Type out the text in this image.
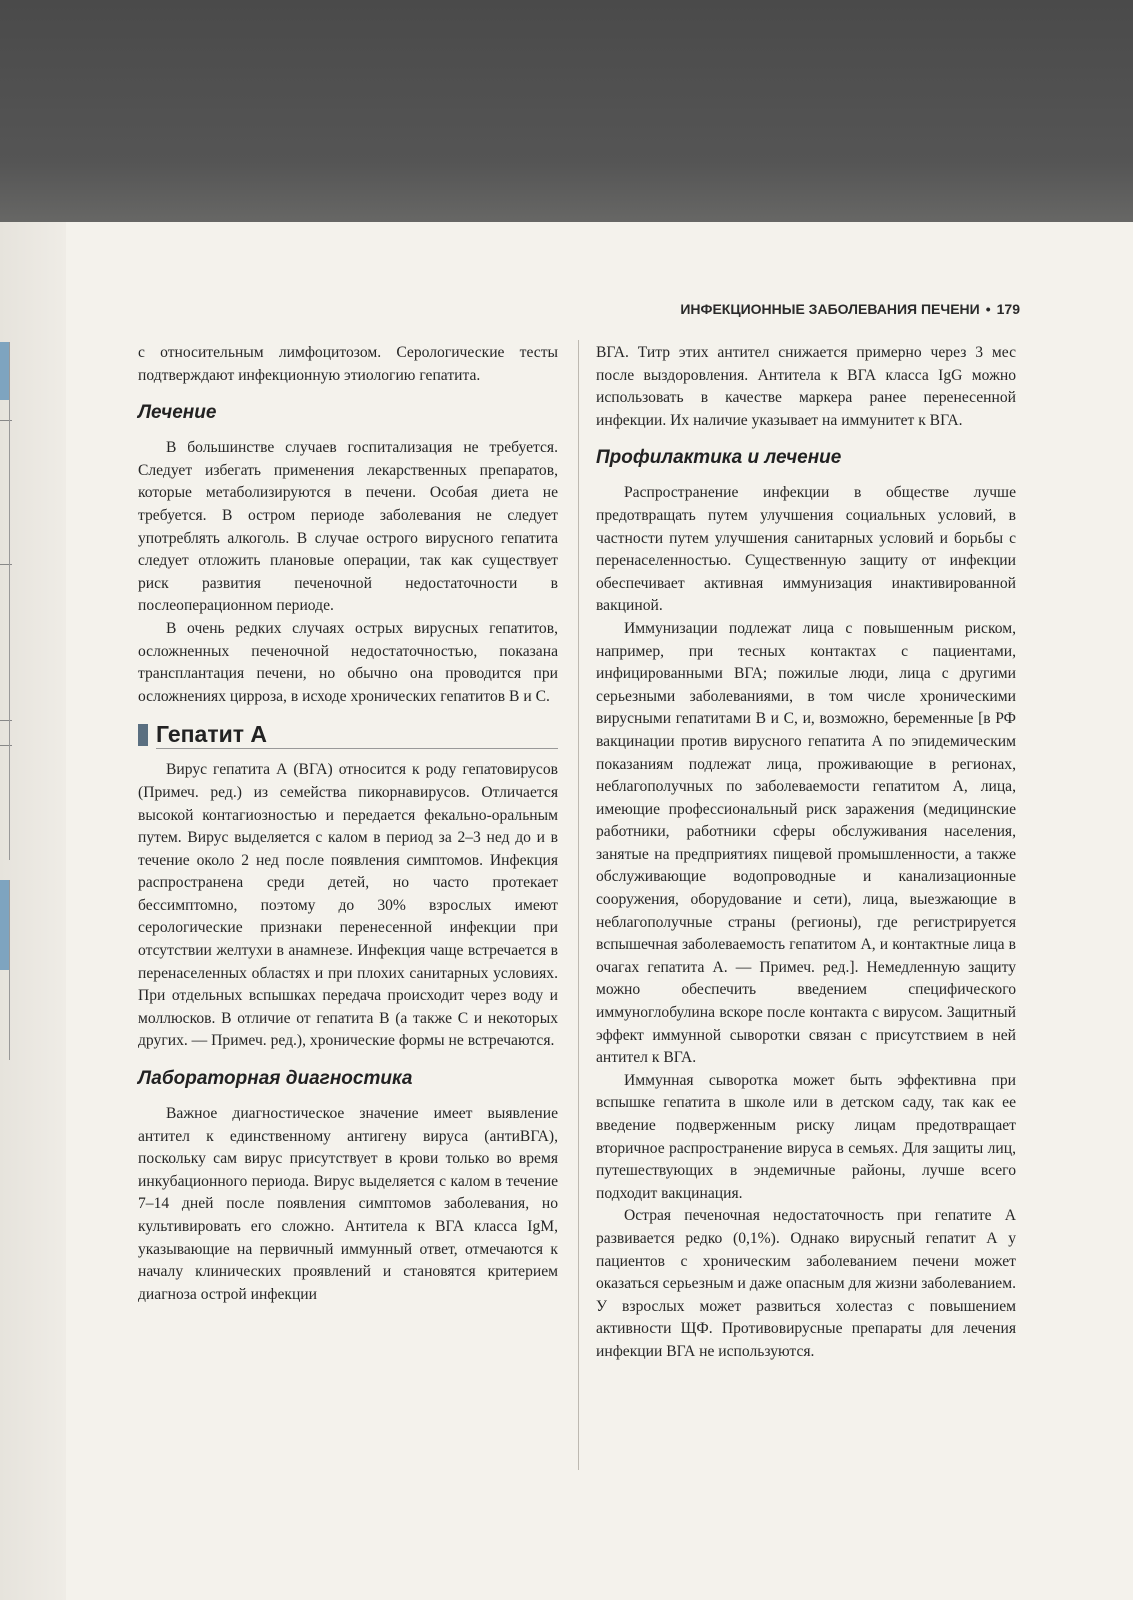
ИНФЕКЦИОННЫЕ ЗАБОЛЕВАНИЯ ПЕЧЕНИ • 179

с относительным лимфоцитозом. Серологические тесты подтверждают инфекционную этиологию гепатита.

Лечение

В большинстве случаев госпитализация не требуется. Следует избегать применения лекарственных препаратов, которые метаболизируются в печени. Особая диета не требуется. В остром периоде заболевания не следует употреблять алкоголь. В случае острого вирусного гепатита следует отложить плановые операции, так как существует риск развития печеночной недостаточности в послеоперационном периоде.

В очень редких случаях острых вирусных гепатитов, осложненных печеночной недостаточностью, показана трансплантация печени, но обычно она проводится при осложнениях цирроза, в исходе хронических гепатитов В и С.

Гепатит А

Вирус гепатита А (ВГА) относится к роду гепатовирусов (Примеч. ред.) из семейства пикорнавирусов. Отличается высокой контагиозностью и передается фекально-оральным путем. Вирус выделяется с калом в период за 2–3 нед до и в течение около 2 нед после появления симптомов. Инфекция распространена среди детей, но часто протекает бессимптомно, поэтому до 30% взрослых имеют серологические признаки перенесенной инфекции при отсутствии желтухи в анамнезе. Инфекция чаще встречается в перенаселенных областях и при плохих санитарных условиях. При отдельных вспышках передача происходит через воду и моллюсков. В отличие от гепатита В (а также С и некоторых других. — Примеч. ред.), хронические формы не встречаются.

Лабораторная диагностика

Важное диагностическое значение имеет выявление антител к единственному антигену вируса (антиВГА), поскольку сам вирус присутствует в крови только во время инкубационного периода. Вирус выделяется с калом в течение 7–14 дней после появления симптомов заболевания, но культивировать его сложно. Антитела к ВГА класса IgM, указывающие на первичный иммунный ответ, отмечаются к началу клинических проявлений и становятся критерием диагноза острой инфекции

ВГА. Титр этих антител снижается примерно через 3 мес после выздоровления. Антитела к ВГА класса IgG можно использовать в качестве маркера ранее перенесенной инфекции. Их наличие указывает на иммунитет к ВГА.

Профилактика и лечение

Распространение инфекции в обществе лучше предотвращать путем улучшения социальных условий, в частности путем улучшения санитарных условий и борьбы с перенаселенностью. Существенную защиту от инфекции обеспечивает активная иммунизация инактивированной вакциной.

Иммунизации подлежат лица с повышенным риском, например, при тесных контактах с пациентами, инфицированными ВГА; пожилые люди, лица с другими серьезными заболеваниями, в том числе хроническими вирусными гепатитами В и С, и, возможно, беременные [в РФ вакцинации против вирусного гепатита А по эпидемическим показаниям подлежат лица, проживающие в регионах, неблагополучных по заболеваемости гепатитом А, лица, имеющие профессиональный риск заражения (медицинские работники, работники сферы обслуживания населения, занятые на предприятиях пищевой промышленности, а также обслуживающие водопроводные и канализационные сооружения, оборудование и сети), лица, выезжающие в неблагополучные страны (регионы), где регистрируется вспышечная заболеваемость гепатитом А, и контактные лица в очагах гепатита А. — Примеч. ред.]. Немедленную защиту можно обеспечить введением специфического иммуноглобулина вскоре после контакта с вирусом. Защитный эффект иммунной сыворотки связан с присутствием в ней антител к ВГА.

Иммунная сыворотка может быть эффективна при вспышке гепатита в школе или в детском саду, так как ее введение подверженным риску лицам предотвращает вторичное распространение вируса в семьях. Для защиты лиц, путешествующих в эндемичные районы, лучше всего подходит вакцинация.

Острая печеночная недостаточность при гепатите А развивается редко (0,1%). Однако вирусный гепатит А у пациентов с хроническим заболеванием печени может оказаться серьезным и даже опасным для жизни заболеванием. У взрослых может развиться холестаз с повышением активности ЩФ. Противовирусные препараты для лечения инфекции ВГА не используются.
